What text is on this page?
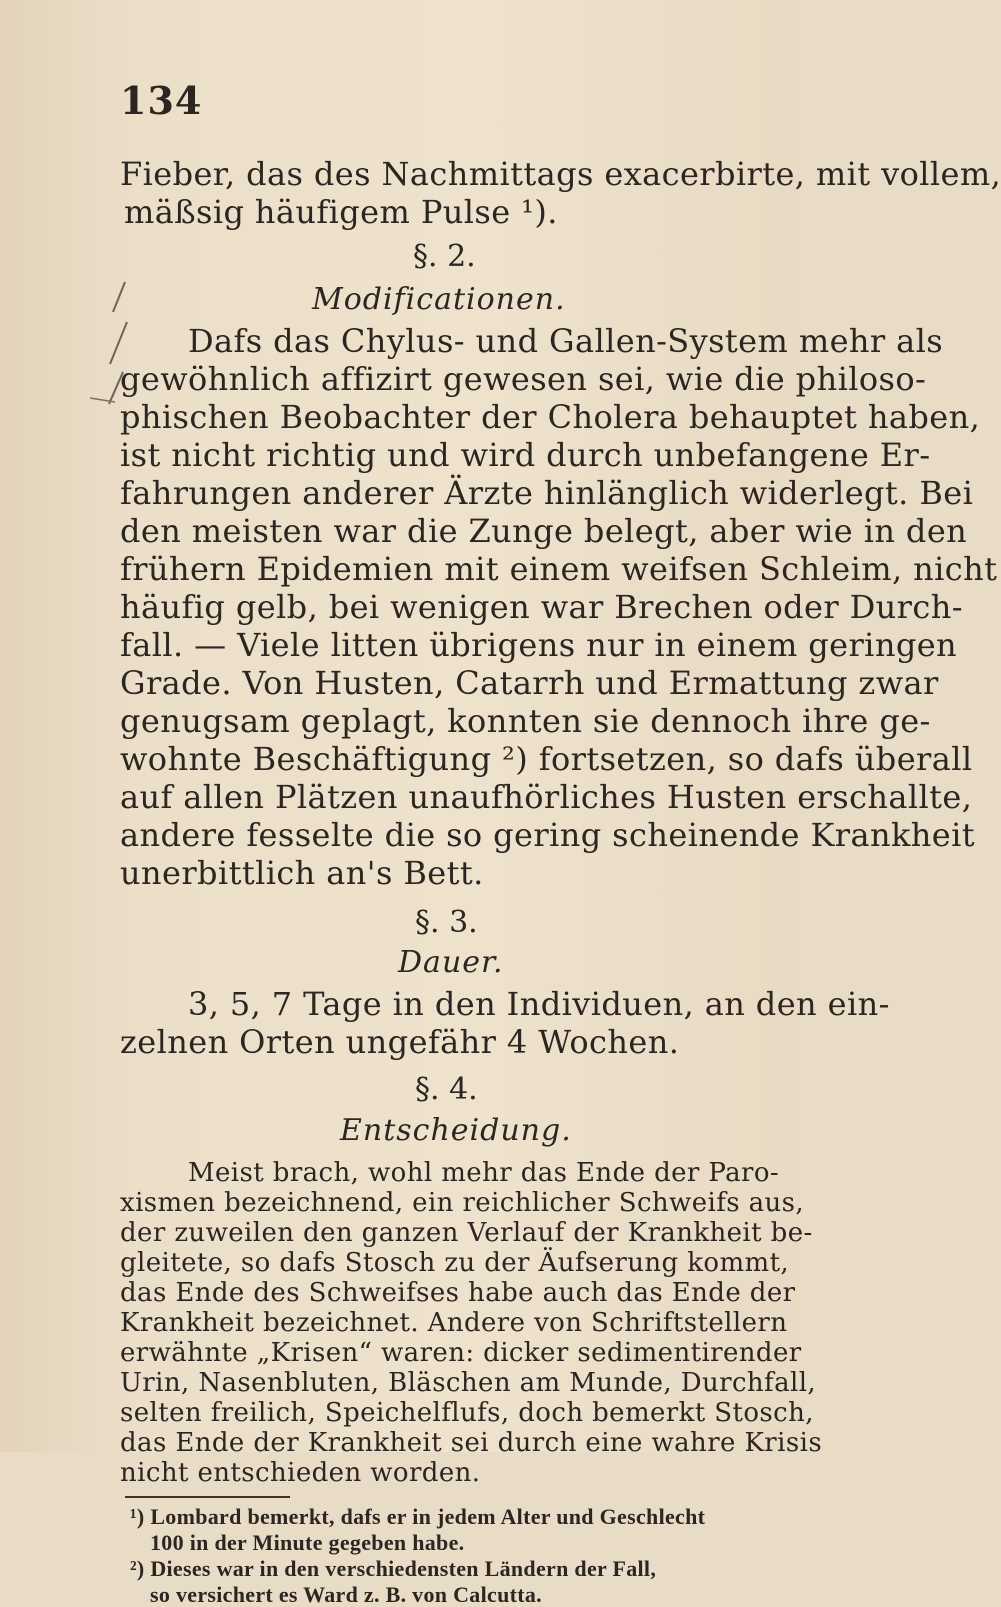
134
Fieber, das des Nachmittags exacerbirte, mit vollem,
mäßsig häufigem Pulse ¹).
§. 2.
Modificationen.
Dafs das Chylus- und Gallen-System mehr als
gewöhnlich affizirt gewesen sei, wie die philoso-
phischen Beobachter der Cholera behauptet haben,
ist nicht richtig und wird durch unbefangene Er-
fahrungen anderer Ärzte hinlänglich widerlegt. Bei
den meisten war die Zunge belegt, aber wie in den
frühern Epidemien mit einem weifsen Schleim, nicht
häufig gelb, bei wenigen war Brechen oder Durch-
fall. — Viele litten übrigens nur in einem geringen
Grade. Von Husten, Catarrh und Ermattung zwar
genugsam geplagt, konnten sie dennoch ihre ge-
wohnte Beschäftigung ²) fortsetzen, so dafs überall
auf allen Plätzen unaufhörliches Husten erschallte,
andere fesselte die so gering scheinende Krankheit
unerbittlich an's Bett.
§. 3.
Dauer.
3, 5, 7 Tage in den Individuen, an den ein-
zelnen Orten ungefähr 4 Wochen.
§. 4.
Entscheidung.
Meist brach, wohl mehr das Ende der Paro-
xismen bezeichnend, ein reichlicher Schweifs aus,
der zuweilen den ganzen Verlauf der Krankheit be-
gleitete, so dafs Stosch zu der Äufserung kommt,
das Ende des Schweifses habe auch das Ende der
Krankheit bezeichnet. Andere von Schriftstellern
erwähnte „Krisen“ waren: dicker sedimentirender
Urin, Nasenbluten, Bläschen am Munde, Durchfall,
selten freilich, Speichelflufs, doch bemerkt Stosch,
das Ende der Krankheit sei durch eine wahre Krisis
nicht entschieden worden.
¹) Lombard bemerkt, dafs er in jedem Alter und Geschlecht
100 in der Minute gegeben habe.
²) Dieses war in den verschiedensten Ländern der Fall,
so versichert es Ward z. B. von Calcutta.
